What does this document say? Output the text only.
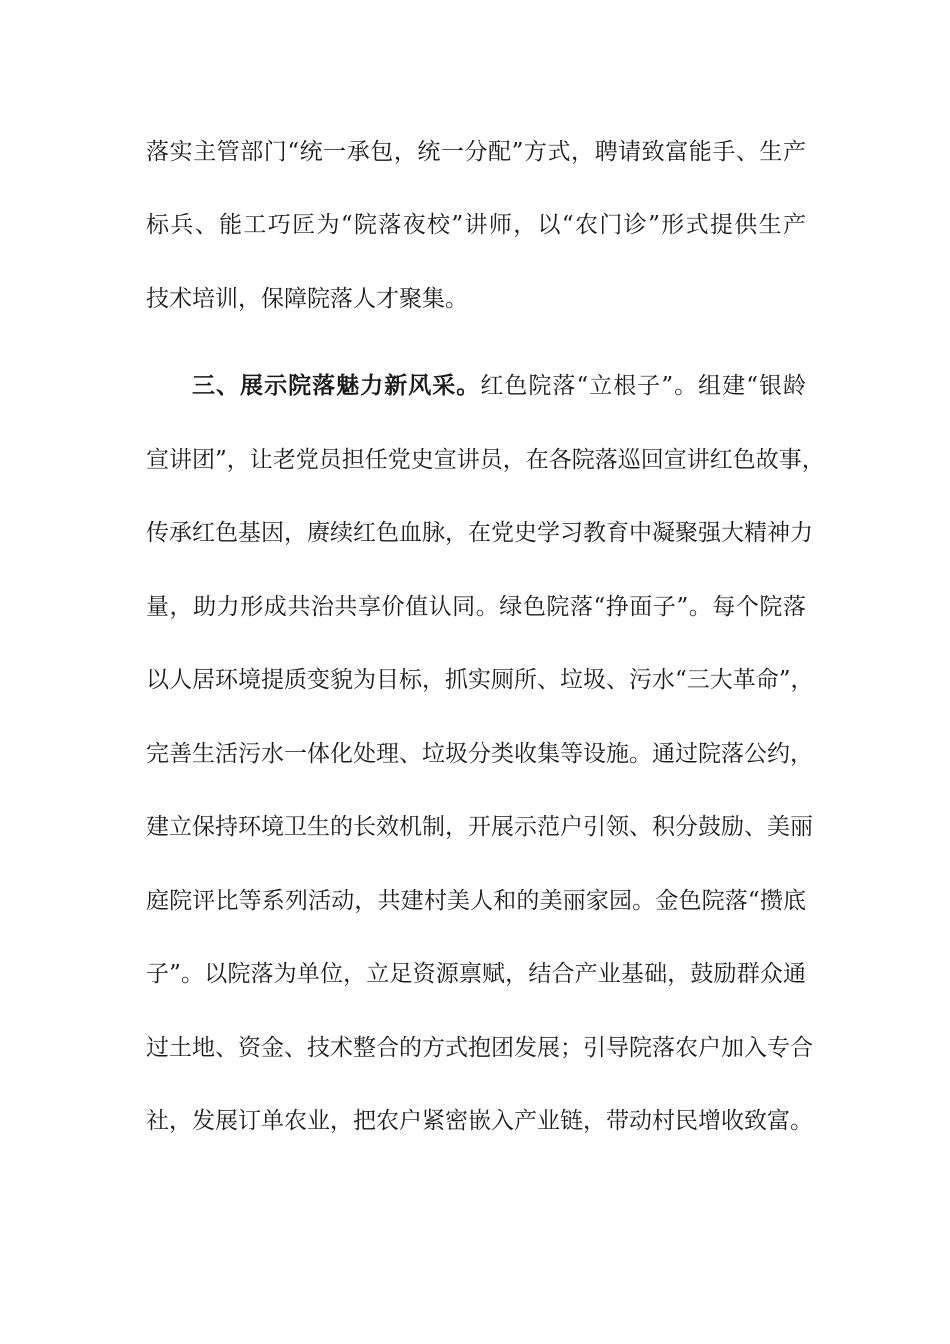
落实主管部门“统一承包，统一分配”方式，聘请致富能手、生产
标兵、能工巧匠为“院落夜校”讲师，以“农门诊”形式提供生产
技术培训，保障院落人才聚集。
三、展示院落魅力新风采。红色院落“立根子”。组建“银龄
宣讲团”，让老党员担任党史宣讲员，在各院落巡回宣讲红色故事，
传承红色基因，赓续红色血脉，在党史学习教育中凝聚强大精神力
量，助力形成共治共享价值认同。绿色院落“挣面子”。每个院落
以人居环境提质变貌为目标，抓实厕所、垃圾、污水“三大革命”，
完善生活污水一体化处理、垃圾分类收集等设施。通过院落公约，
建立保持环境卫生的长效机制，开展示范户引领、积分鼓励、美丽
庭院评比等系列活动，共建村美人和的美丽家园。金色院落“攒底
子”。以院落为单位，立足资源禀赋，结合产业基础，鼓励群众通
过土地、资金、技术整合的方式抱团发展；引导院落农户加入专合
社，发展订单农业，把农户紧密嵌入产业链，带动村民增收致富。
